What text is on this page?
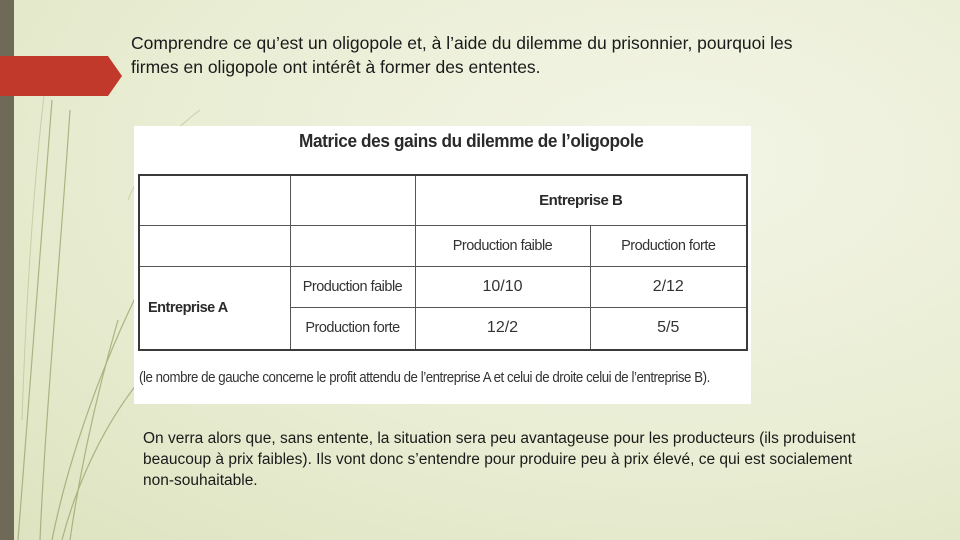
Comprendre ce qu’est un oligopole et, à l’aide du dilemme du prisonnier, pourquoi les firmes en oligopole ont intérêt à former des ententes.
Matrice des gains du dilemme de l’oligopole
		Entreprise B	
		Production faible	Production forte
Entreprise A	Production faible	10/10	2/12
	Production forte	12/2	5/5
(le nombre de gauche concerne le profit attendu de l’entreprise A et celui de droite celui de l’entreprise B).

On verra alors que, sans entente, la situation sera peu avantageuse pour les producteurs (ils produisent beaucoup à prix faibles). Ils vont donc s’entendre pour produire peu à prix élevé, ce qui est socialement non-souhaitable.
